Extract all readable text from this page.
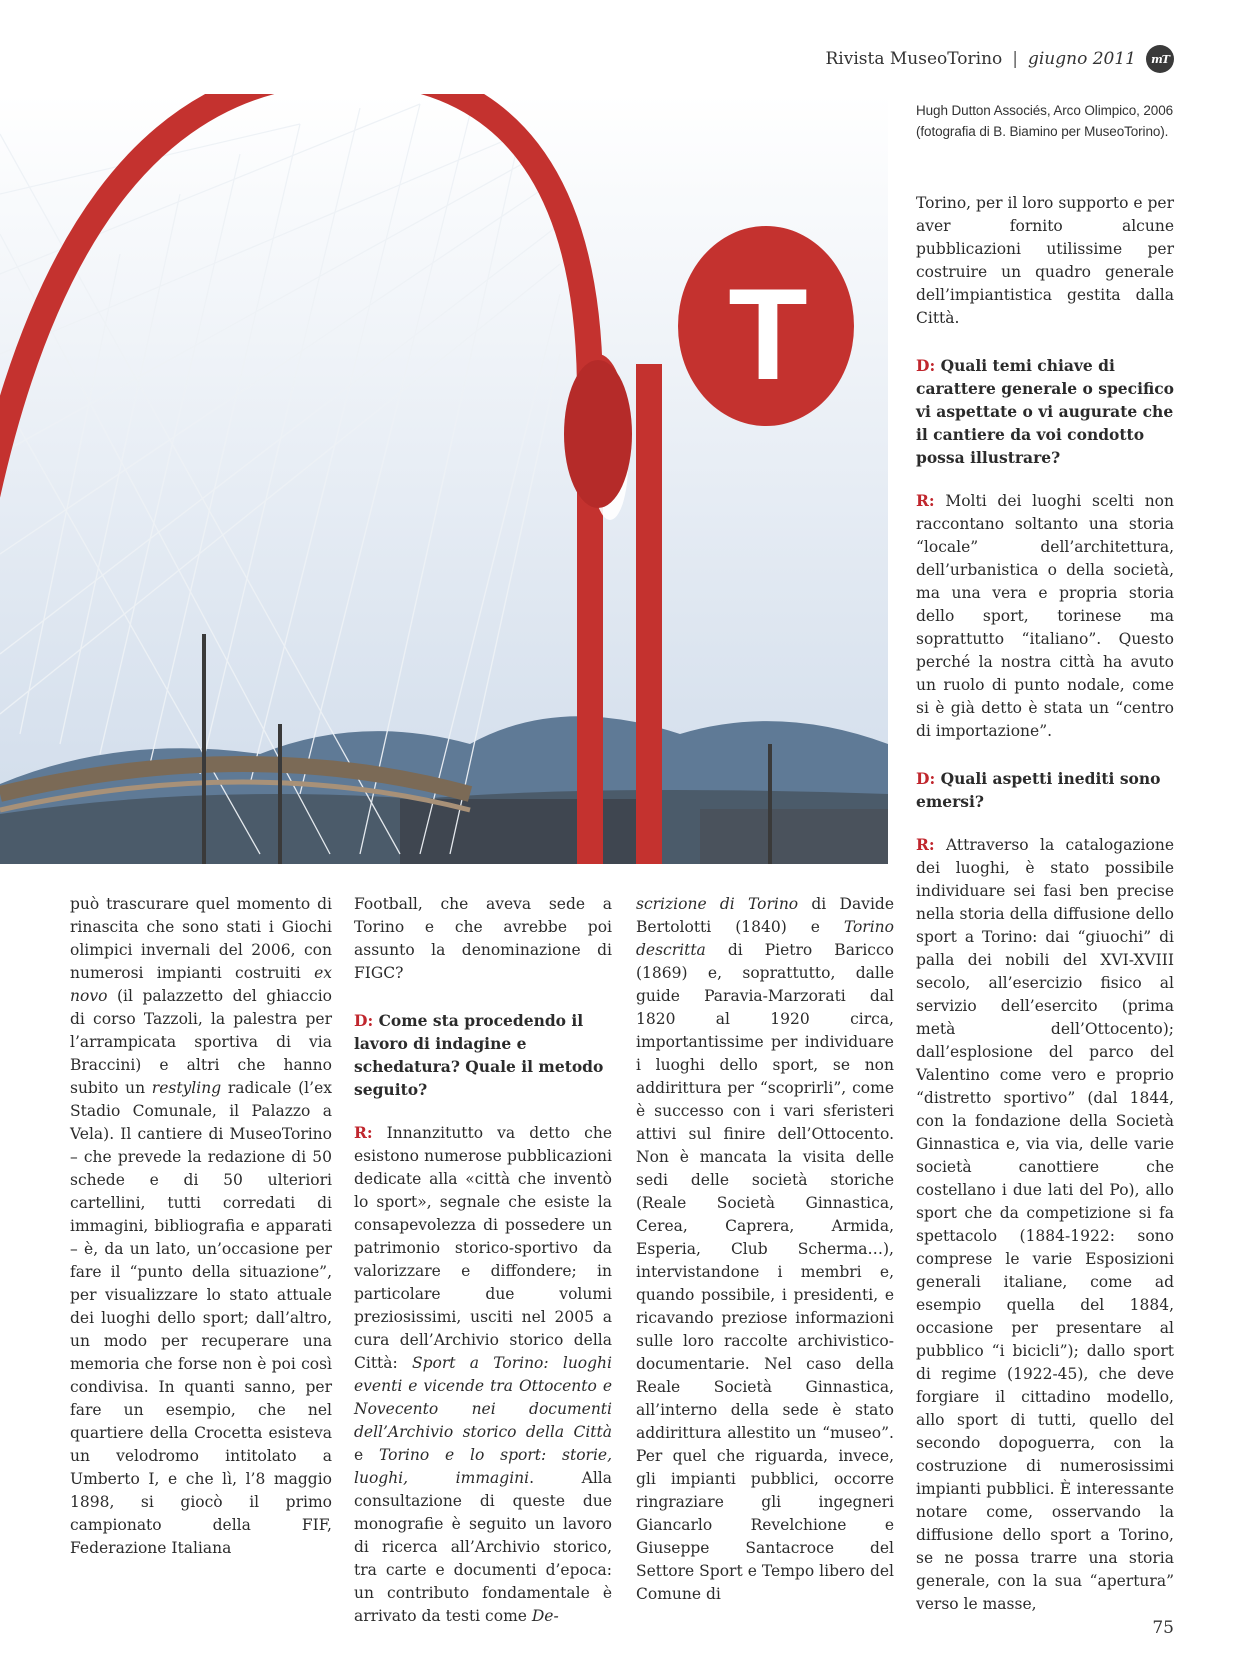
Rivista MuseoTorino | giugno 2011	mT
T
Hugh Dutton Associés, Arco Olimpico, 2006 (fotografia di B. Biamino per MuseoTorino).

Torino, per il loro supporto e per aver fornito alcune pubblicazioni utilissime per costruire un quadro generale dell’impiantistica gestita dalla Città.

D: Quali temi chiave di carattere generale o specifico vi aspettate o vi augurate che il cantiere da voi condotto possa illustrare?

R: Molti dei luoghi scelti non raccontano soltanto una storia “locale” dell’architettura, dell’urbanistica o della società, ma una vera e propria storia dello sport, torinese ma soprattutto “italiano”. Questo perché la nostra città ha avuto un ruolo di punto nodale, come si è già detto è stata un “centro di importazione”.

D: Quali aspetti inediti sono emersi?

R: Attraverso la catalogazione dei luoghi, è stato possibile individuare sei fasi ben precise nella storia della diffusione dello sport a Torino: dai “giuochi” di palla dei nobili del XVI-XVIII secolo, all’esercizio fisico al servizio dell’esercito (prima metà dell’Ottocento); dall’esplosione del parco del Valentino come vero e proprio “distretto sportivo” (dal 1844, con la fondazione della Società Ginnastica e, via via, delle varie società canottiere che costellano i due lati del Po), allo sport che da competizione si fa spettacolo (1884-1922: sono comprese le varie Esposizioni generali italiane, come ad esempio quella del 1884, occasione per presentare al pubblico “i bicicli”); dallo sport di regime (1922-45), che deve forgiare il cittadino modello, allo sport di tutti, quello del secondo dopoguerra, con la costruzione di numerosissimi impianti pubblici. È interessante notare come, osservando la diffusione dello sport a Torino, se ne possa trarre una storia generale, con la sua “apertura” verso le masse,

può trascurare quel momento di rinascita che sono stati i Giochi olimpici invernali del 2006, con numerosi impianti costruiti ex novo (il palazzetto del ghiaccio di corso Tazzoli, la palestra per l’arrampicata sportiva di via Braccini) e altri che hanno subito un restyling radicale (l’ex Stadio Comunale, il Palazzo a Vela). Il cantiere di MuseoTorino – che prevede la redazione di 50 schede e di 50 ulteriori cartellini, tutti corredati di immagini, bibliografia e apparati – è, da un lato, un’occasione per fare il “punto della situazione”, per visualizzare lo stato attuale dei luoghi dello sport; dall’altro, un modo per recuperare una memoria che forse non è poi così condivisa. In quanti sanno, per fare un esempio, che nel quartiere della Crocetta esisteva un velodromo intitolato a Umberto I, e che lì, l’8 maggio 1898, si giocò il primo campionato della FIF, Federazione Italiana

Football, che aveva sede a Torino e che avrebbe poi assunto la denominazione di FIGC?

D: Come sta procedendo il lavoro di indagine e schedatura? Quale il metodo seguito?

R: Innanzitutto va detto che esistono numerose pubblicazioni dedicate alla «città che inventò lo sport», segnale che esiste la consapevolezza di possedere un patrimonio storico-sportivo da valorizzare e diffondere; in particolare due volumi preziosissimi, usciti nel 2005 a cura dell’Archivio storico della Città: Sport a Torino: luoghi eventi e vicende tra Ottocento e Novecento nei documenti dell’Archivio storico della Città e Torino e lo sport: storie, luoghi, immagini. Alla consultazione di queste due monografie è seguito un lavoro di ricerca all’Archivio storico, tra carte e documenti d’epoca: un contributo fondamentale è arrivato da testi come De-

scrizione di Torino di Davide Bertolotti (1840) e Torino descritta di Pietro Baricco (1869) e, soprattutto, dalle guide Paravia-Marzorati dal 1820 al 1920 circa, importantissime per individuare i luoghi dello sport, se non addirittura per “scoprirli”, come è successo con i vari sferisteri attivi sul finire dell’Ottocento. Non è mancata la visita delle sedi delle società storiche (Reale Società Ginnastica, Cerea, Caprera, Armida, Esperia, Club Scherma…), intervistandone i membri e, quando possibile, i presidenti, e ricavando preziose informazioni sulle loro raccolte archivistico-documentarie. Nel caso della Reale Società Ginnastica, all’interno della sede è stato addirittura allestito un “museo”. Per quel che riguarda, invece, gli impianti pubblici, occorre ringraziare gli ingegneri Giancarlo Revelchione e Giuseppe Santacroce del Settore Sport e Tempo libero del Comune di

75
